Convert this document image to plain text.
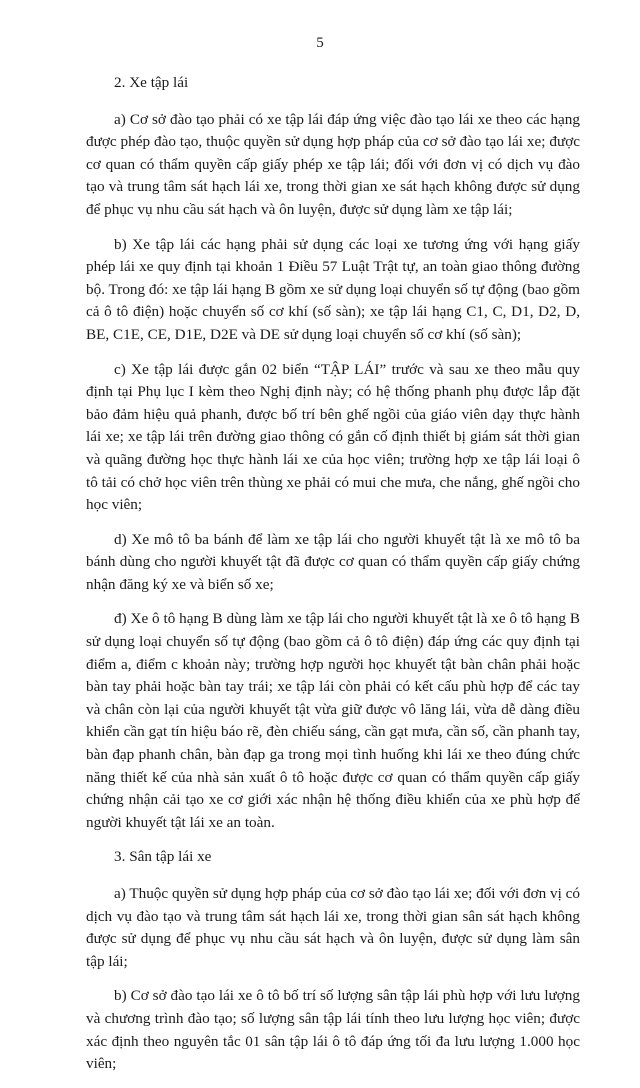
5

2. Xe tập lái

a) Cơ sở đào tạo phải có xe tập lái đáp ứng việc đào tạo lái xe theo các hạng được phép đào tạo, thuộc quyền sử dụng hợp pháp của cơ sở đào tạo lái xe; được cơ quan có thẩm quyền cấp giấy phép xe tập lái; đối với đơn vị có dịch vụ đào tạo và trung tâm sát hạch lái xe, trong thời gian xe sát hạch không được sử dụng để phục vụ nhu cầu sát hạch và ôn luyện, được sử dụng làm xe tập lái;

b) Xe tập lái các hạng phải sử dụng các loại xe tương ứng với hạng giấy phép lái xe quy định tại khoản 1 Điều 57 Luật Trật tự, an toàn giao thông đường bộ. Trong đó: xe tập lái hạng B gồm xe sử dụng loại chuyển số tự động (bao gồm cả ô tô điện) hoặc chuyển số cơ khí (số sàn); xe tập lái hạng C1, C, D1, D2, D, BE, C1E, CE, D1E, D2E và DE sử dụng loại chuyển số cơ khí (số sàn);

c) Xe tập lái được gắn 02 biển “TẬP LÁI” trước và sau xe theo mẫu quy định tại Phụ lục I kèm theo Nghị định này; có hệ thống phanh phụ được lắp đặt bảo đảm hiệu quả phanh, được bố trí bên ghế ngồi của giáo viên dạy thực hành lái xe; xe tập lái trên đường giao thông có gắn cố định thiết bị giám sát thời gian và quãng đường học thực hành lái xe của học viên; trường hợp xe tập lái loại ô tô tải có chở học viên trên thùng xe phải có mui che mưa, che nắng, ghế ngồi cho học viên;

d) Xe mô tô ba bánh để làm xe tập lái cho người khuyết tật là xe mô tô ba bánh dùng cho người khuyết tật đã được cơ quan có thẩm quyền cấp giấy chứng nhận đăng ký xe và biển số xe;

đ) Xe ô tô hạng B dùng làm xe tập lái cho người khuyết tật là xe ô tô hạng B sử dụng loại chuyển số tự động (bao gồm cả ô tô điện) đáp ứng các quy định tại điểm a, điểm c khoản này; trường hợp người học khuyết tật bàn chân phải hoặc bàn tay phải hoặc bàn tay trái; xe tập lái còn phải có kết cấu phù hợp để các tay và chân còn lại của người khuyết tật vừa giữ được vô lăng lái, vừa dễ dàng điều khiển cần gạt tín hiệu báo rẽ, đèn chiếu sáng, cần gạt mưa, cần số, cần phanh tay, bàn đạp phanh chân, bàn đạp ga trong mọi tình huống khi lái xe theo đúng chức năng thiết kế của nhà sản xuất ô tô hoặc được cơ quan có thẩm quyền cấp giấy chứng nhận cải tạo xe cơ giới xác nhận hệ thống điều khiển của xe phù hợp để người khuyết tật lái xe an toàn.

3. Sân tập lái xe

a) Thuộc quyền sử dụng hợp pháp của cơ sở đào tạo lái xe; đối với đơn vị có dịch vụ đào tạo và trung tâm sát hạch lái xe, trong thời gian sân sát hạch không được sử dụng để phục vụ nhu cầu sát hạch và ôn luyện, được sử dụng làm sân tập lái;

b) Cơ sở đào tạo lái xe ô tô bố trí số lượng sân tập lái phù hợp với lưu lượng và chương trình đào tạo; số lượng sân tập lái tính theo lưu lượng học viên; được xác định theo nguyên tắc 01 sân tập lái ô tô đáp ứng tối đa lưu lượng 1.000 học viên;
